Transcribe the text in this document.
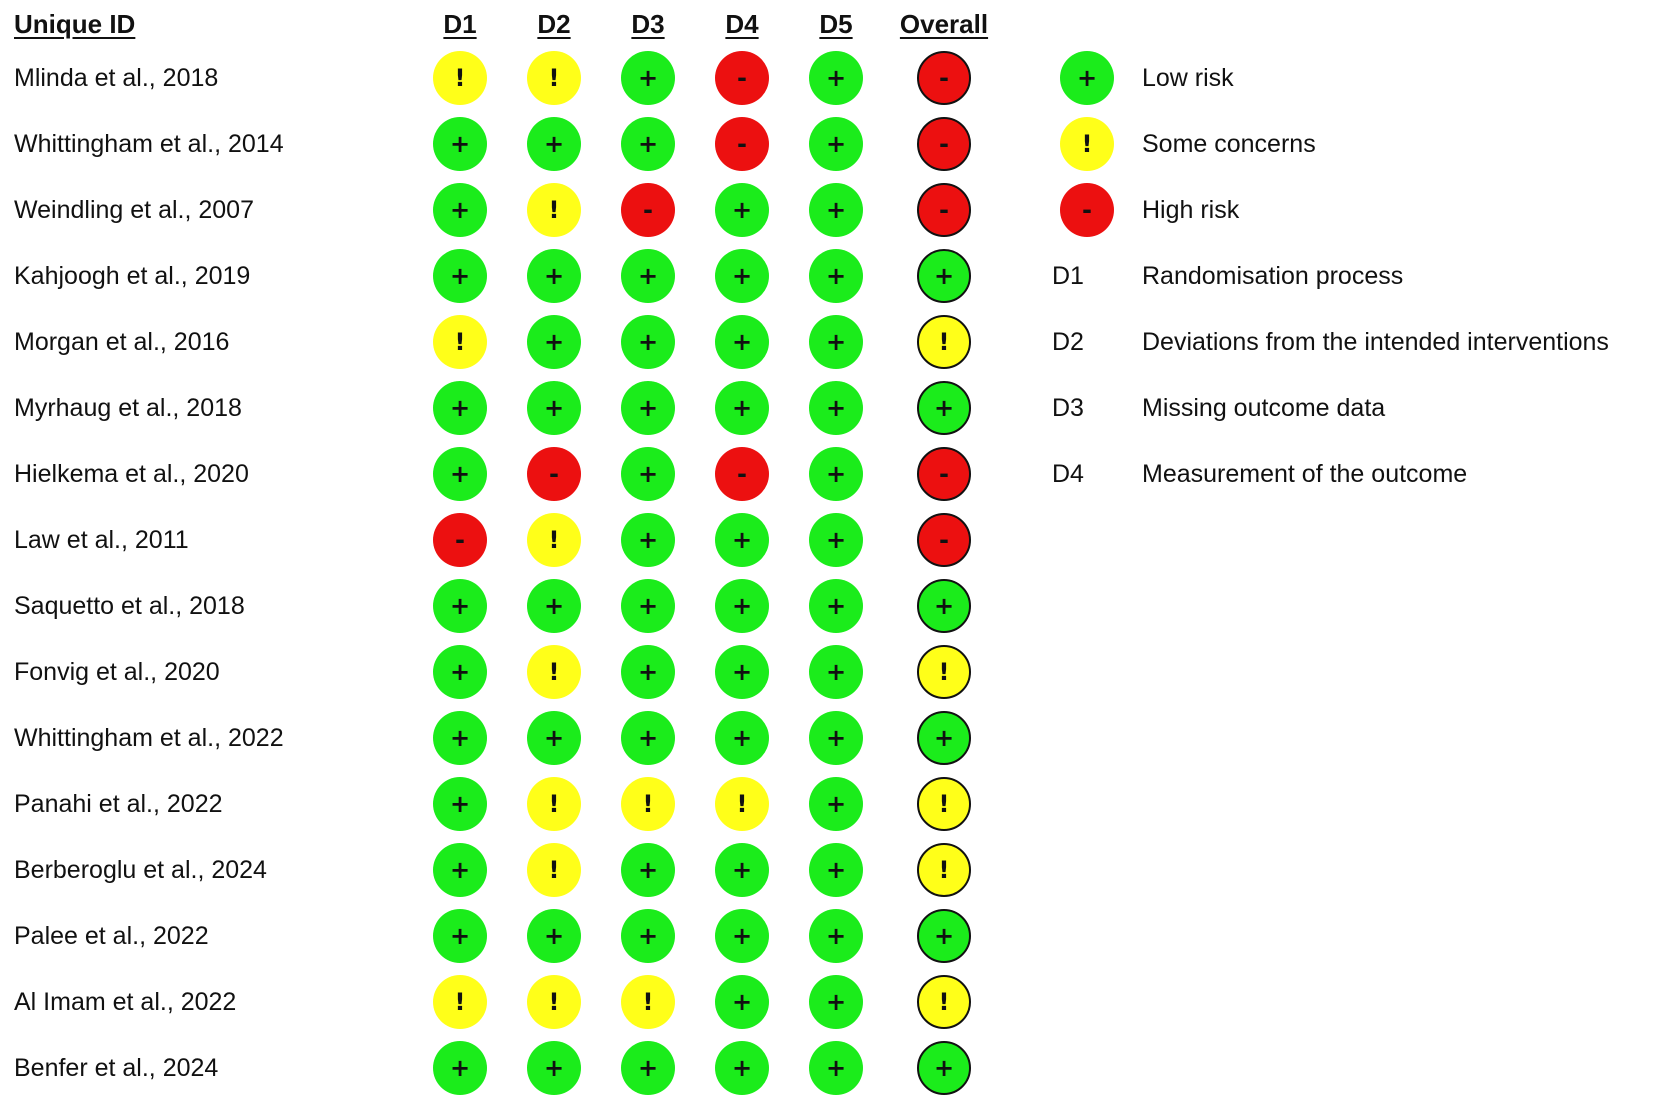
Unique ID	D1	D2	D3	D4	D5	Overall
Mlinda et al., 2018	!	!	+	-	+	-
Whittingham et al., 2014	+	+	+	-	+	-
Weindling et al., 2007	+	!	-	+	+	-
Kahjoogh et al., 2019	+	+	+	+	+	+
Morgan et al., 2016	!	+	+	+	+	!
Myrhaug et al., 2018	+	+	+	+	+	+
Hielkema et al., 2020	+	-	+	-	+	-
Law et al., 2011	-	!	+	+	+	-
Saquetto et al., 2018	+	+	+	+	+	+
Fonvig et al., 2020	+	!	+	+	+	!
Whittingham et al., 2022	+	+	+	+	+	+
Panahi et al., 2022	+	!	!	!	+	!
Berberoglu et al., 2024	+	!	+	+	+	!
Palee et al., 2022	+	+	+	+	+	+
Al Imam et al., 2022	!	!	!	+	+	!
Benfer et al., 2024	+	+	+	+	+	+
+	Low risk
!	Some concerns
-	High risk
D1 Randomisation process
D2 Deviations from the intended interventions
D3 Missing outcome data
D4 Measurement of the outcome
